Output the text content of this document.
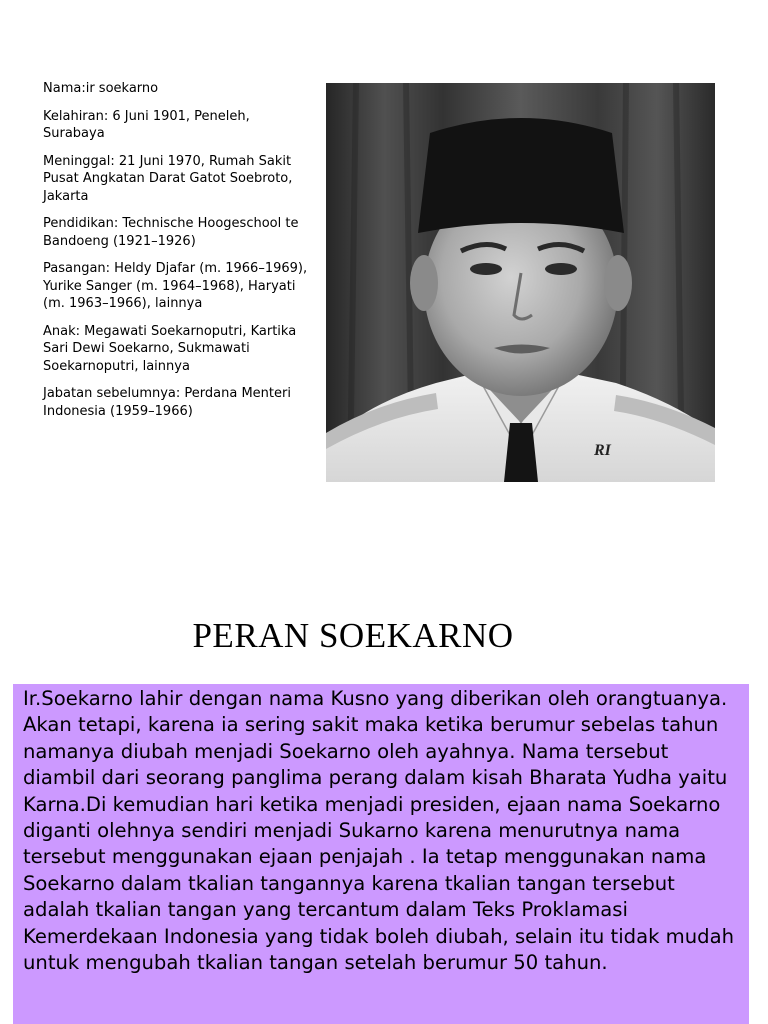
Nama:ir soekarno

Kelahiran: 6 Juni 1901, Peneleh, Surabaya

Meninggal: 21 Juni 1970, Rumah Sakit Pusat Angkatan Darat Gatot Soebroto, Jakarta

Pendidikan: Technische Hoogeschool te Bandoeng (1921–1926)

Pasangan: Heldy Djafar (m. 1966–1969), Yurike Sanger (m. 1964–1968), Haryati (m. 1963–1966), lainnya

Anak: Megawati Soekarnoputri, Kartika Sari Dewi Soekarno, Sukmawati Soekarnoputri, lainnya

Jabatan sebelumnya: Perdana Menteri Indonesia (1959–1966)

RI
PERAN SOEKARNO
Ir.Soekarno lahir dengan nama Kusno yang diberikan oleh orangtuanya. Akan tetapi, karena ia sering sakit maka ketika berumur sebelas tahun namanya diubah menjadi Soekarno oleh ayahnya. Nama tersebut diambil dari seorang panglima perang dalam kisah Bharata Yudha yaitu Karna.Di kemudian hari ketika menjadi presiden, ejaan nama Soekarno diganti olehnya sendiri menjadi Sukarno karena menurutnya nama tersebut menggunakan ejaan penjajah . Ia tetap menggunakan nama Soekarno dalam tkalian tangannya karena tkalian tangan tersebut adalah tkalian tangan yang tercantum dalam Teks Proklamasi Kemerdekaan Indonesia yang tidak boleh diubah, selain itu tidak mudah untuk mengubah tkalian tangan setelah berumur 50 tahun.
